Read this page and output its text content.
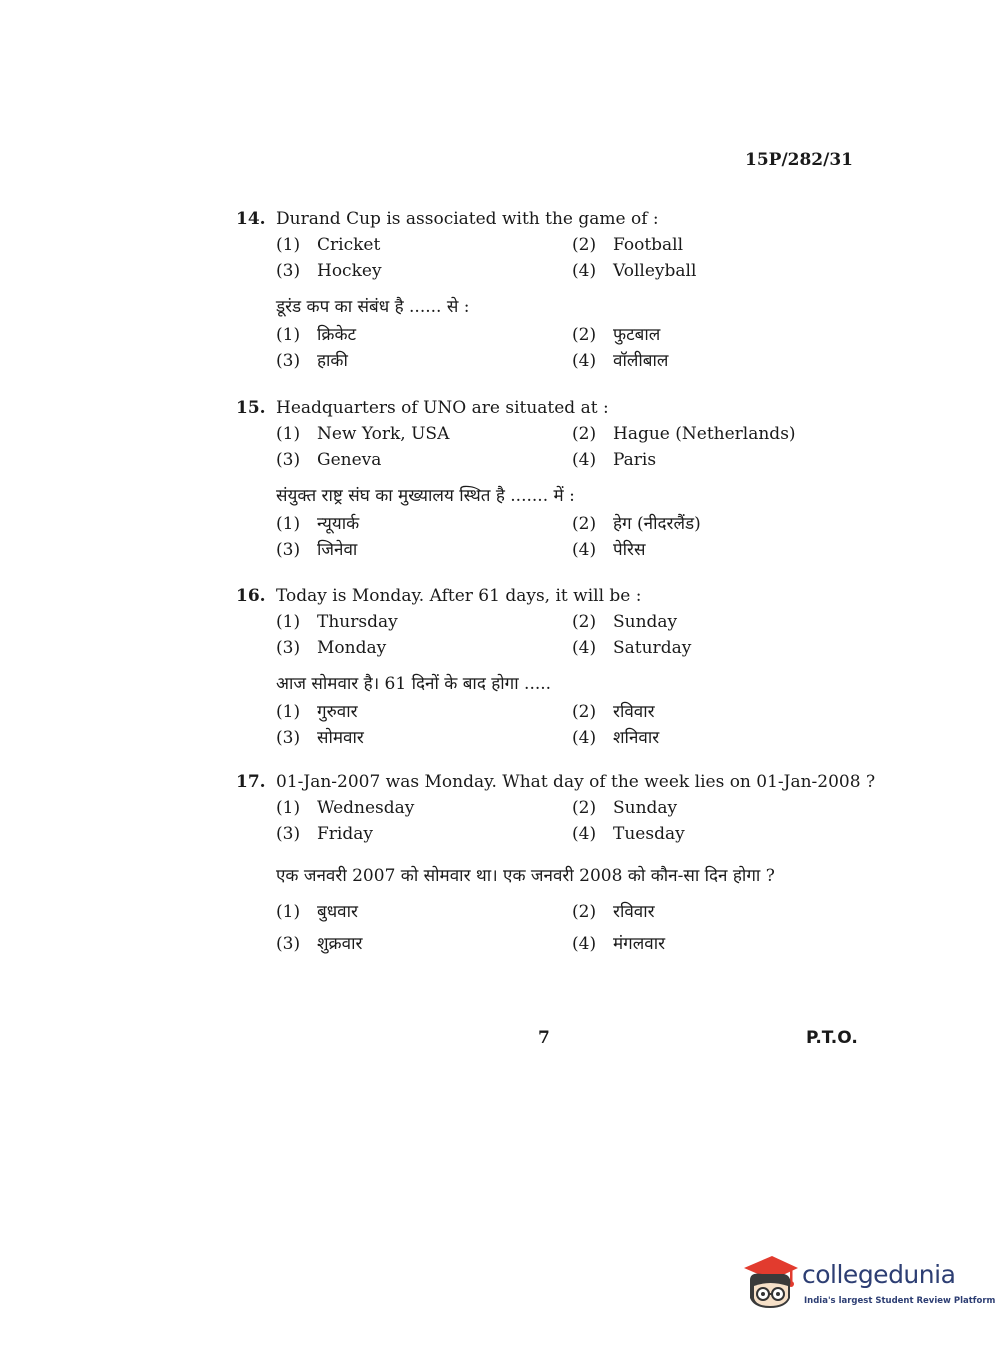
15P/282/31
14. Durand Cup is associated with the game of :
(1) Cricket	(2) Football
(3) Hockey	(4) Volleyball
डूरंड कप का संबंध है ...... से :
(1) क्रिकेट	(2) फुटबाल
(3) हाकी	(4) वॉलीबाल
15. Headquarters of UNO are situated at :
(1) New York, USA	(2) Hague (Netherlands)
(3) Geneva	(4) Paris
संयुक्त राष्ट्र संघ का मुख्यालय स्थित है ....... में :
(1) न्यूयार्क	(2) हेग (नीदरलैंड)
(3) जिनेवा	(4) पेरिस
16. Today is Monday. After 61 days, it will be :
(1) Thursday	(2) Sunday
(3) Monday	(4) Saturday
आज सोमवार है। 61 दिनों के बाद होगा .....
(1) गुरुवार	(2) रविवार
(3) सोमवार	(4) शनिवार
17. 01-Jan-2007 was Monday. What day of the week lies on 01-Jan-2008 ?
(1) Wednesday	(2) Sunday
(3) Friday	(4) Tuesday
एक जनवरी 2007 को सोमवार था। एक जनवरी 2008 को कौन-सा दिन होगा ?
(1) बुधवार	(2) रविवार
(3) शुक्रवार	(4) मंगलवार
7	P.T.O.
collegedunia
India's largest Student Review Platform
